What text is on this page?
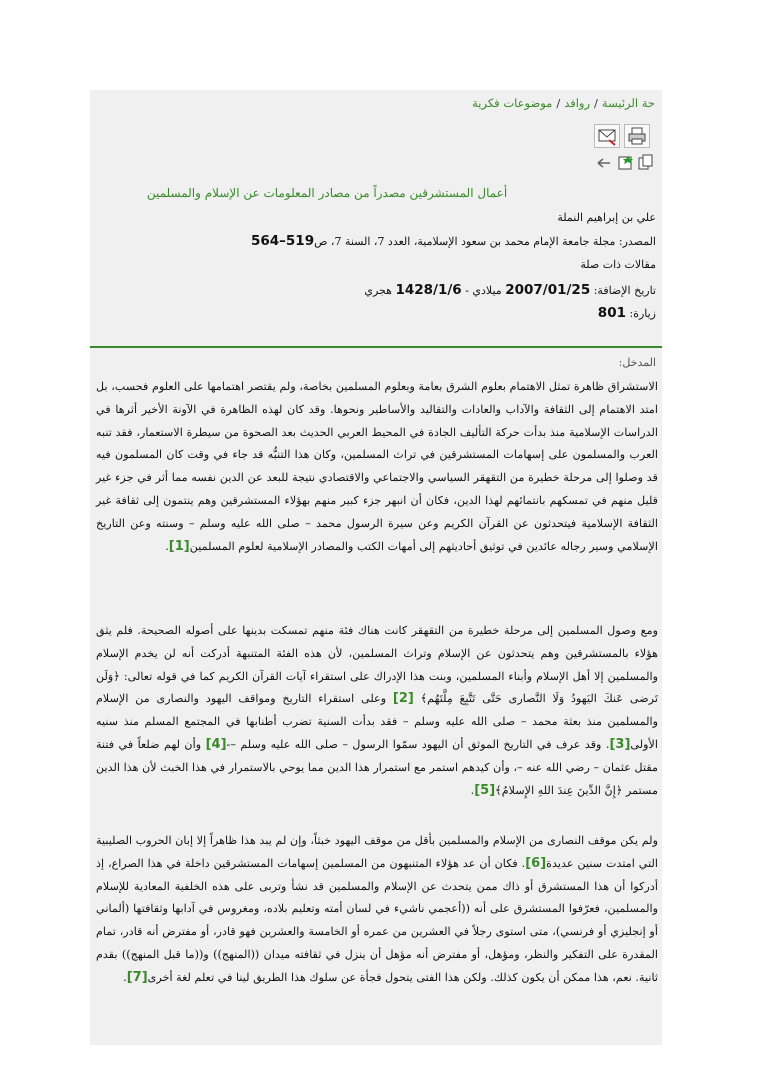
حة الرئيسة/روافد/موضوعات فكرية
أعمال المستشرقين مصدراً من مصادر المعلومات عن الإسلام والمسلمين
علي بن إبراهيم النملة
المصدر: مجلة جامعة الإمام محمد بن سعود الإسلامية، العدد 7، السنة 7، ص519–564
مقالات ذات صلة
تاريخ الإضافة: 2007/01/25 ميلادي - 1428/1/6 هجري
زيارة: 801
المدخل:
الاستشراق ظاهرة تمثل الاهتمام بعلوم الشرق بعامة وبعلوم المسلمين بخاصة، ولم يقتصر اهتمامها على العلوم فحسب، بل امتد الاهتمام إلى الثقافة والآداب والعادات والتقاليد والأساطير ونحوها. وقد كان لهذه الظاهرة في الآونة الأخير أثرها في الدراسات الإسلامية منذ بدأت حركة التأليف الجادة في المحيط العربي الحديث بعد الصحوة من سيطرة الاستعمار، فقد تنبه العرب والمسلمون على إسهامات المستشرقين في تراث المسلمين، وكان هذا التنبُّه قد جاء في وقت كان المسلمون فيه قد وصلوا إلى مرحلة خطيرة من التقهقر السياسي والاجتماعي والاقتصادي نتيجة للبعد عن الدين نفسه مما أثر في جزء غير قليل منهم في تمسكهم بانتمائهم لهذا الدين، فكان أن انبهر جزء كبير منهم بهؤلاء المستشرقين وهم ينتمون إلى ثقافة غير الثقافة الإسلامية فيتحدثون عن القرآن الكريم وعن سيرة الرسول محمد – صلى الله عليه وسلم – وسنته وعن التاريخ الإسلامي وسير رجاله عائدين في توثيق أحاديثهم إلى أمهات الكتب والمصادر الإسلامية لعلوم المسلمين[1].
ومع وصول المسلمين إلى مرحلة خطيرة من التقهقر كانت هناك فئة منهم تمسكت بدينها على أصوله الصحيحة. فلم يثق هؤلاء بالمستشرقين وهم يتحدثون عن الإسلام وتراث المسلمين، لأن هذه الفئة المتنبهة أدركت أنه لن يخدم الإسلام والمسلمين إلا أهل الإسلام وأبناء المسلمين، وبنت هذا الإدراك على استقراء آيات القرآن الكريم كما في قوله تعالى: ﴿وَلَن تَرضى عَنكَ اليَهودُ وَلَا النَّصارى حَتَّى تَتَّبِعَ مِلَّتَهُم﴾ [2] وعلى استقراء التاريخ ومواقف اليهود والنصارى من الإسلام والمسلمين منذ بعثة محمد – صلى الله عليه وسلم – فقد بدأت السنية تضرب أطنابها في المجتمع المسلم منذ سنيه الأولى[3]. وقد عرف في التاريخ الموثق أن اليهود سمّوا الرسول – صلى الله عليه وسلم –-[4] وأن لهم ضلعاً في فتنة مقتل عثمان – رضي الله عنه –، وأن كيدهم استمر مع استمرار هذا الدين مما يوحي بالاستمرار في هذا الخبث لأن هذا الدين مستمر ﴿إِنَّ الدِّينَ عِندَ اللهِ الإِسلامُ﴾[5].
ولم يكن موقف النصارى من الإسلام والمسلمين بأقل من موقف اليهود خبثاً، وإن لم يبد هذا ظاهراً إلا إبان الحروب الصليبية التي امتدت سنين عديدة[6]. فكان أن عد هؤلاء المتنبهون من المسلمين إسهامات المستشرقين داخلة في هذا الصراع، إذ أدركوا أن هذا المستشرق أو ذاك ممن يتحدث عن الإسلام والمسلمين قد نشأ وتربى على هذه الخلفية المعادية للإسلام والمسلمين، فعرّفوا المستشرق على أنه ((أعجمي ناشيء في لسان أمته وتعليم بلاده، ومغروس في آدابها وثقافتها (ألماني أو إنجليزي أو فرنسي)، متى استوى رجلاً في العشرين من عمره أو الخامسة والعشرين فهو قادر، أو مفترض أنه قادر، تمام المقدرة على التفكير والنظر، ومؤهل، أو مفترض أنه مؤهل أن ينزل في ثقافته ميدان ((المنهج)) و((ما قبل المنهج)) بقدم ثانية. نعم، هذا ممكن أن يكون كذلك. ولكن هذا الفتى يتحول فجأة عن سلوك هذا الطريق لينا في تعلم لغة أخرى[7].
